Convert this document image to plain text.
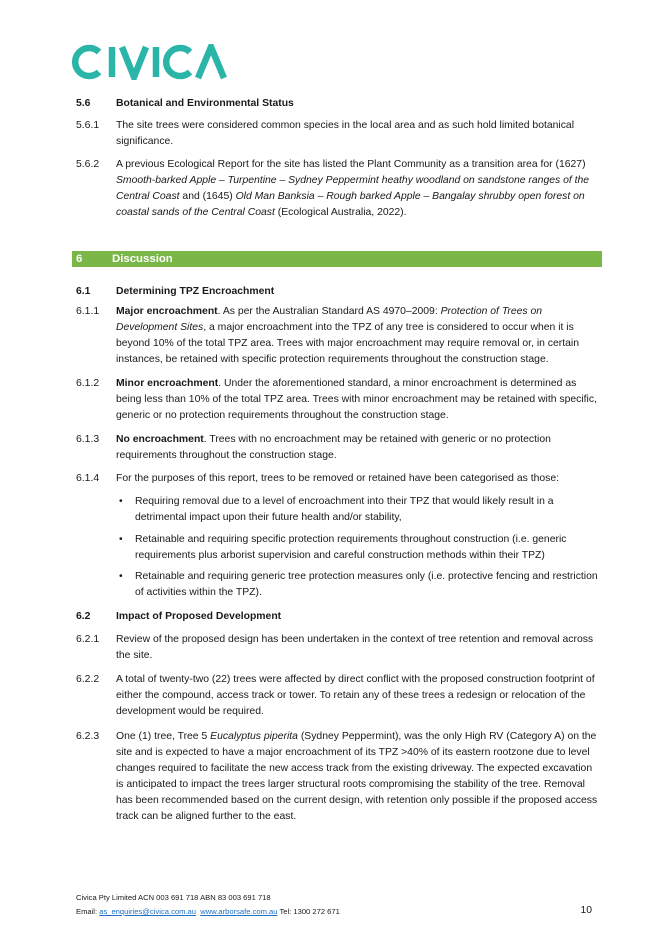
5.6 Botanical and Environmental Status
5.6.1 The site trees were considered common species in the local area and as such hold limited botanical significance.
5.6.2 A previous Ecological Report for the site has listed the Plant Community as a transition area for (1627) Smooth-barked Apple – Turpentine – Sydney Peppermint heathy woodland on sandstone ranges of the Central Coast and (1645) Old Man Banksia – Rough barked Apple – Bangalay shrubby open forest on coastal sands of the Central Coast (Ecological Australia, 2022).
6	Discussion
6.1 Determining TPZ Encroachment
6.1.1 Major encroachment. As per the Australian Standard AS 4970–2009: Protection of Trees on Development Sites, a major encroachment into the TPZ of any tree is considered to occur when it is beyond 10% of the total TPZ area. Trees with major encroachment may require removal or, in certain instances, be retained with specific protection requirements throughout the construction stage.
6.1.2 Minor encroachment. Under the aforementioned standard, a minor encroachment is determined as being less than 10% of the total TPZ area. Trees with minor encroachment may be retained with specific, generic or no protection requirements throughout the construction stage.
6.1.3 No encroachment. Trees with no encroachment may be retained with generic or no protection requirements throughout the construction stage.
6.1.4 For the purposes of this report, trees to be removed or retained have been categorised as those:
• Requiring removal due to a level of encroachment into their TPZ that would likely result in a detrimental impact upon their future health and/or stability,
• Retainable and requiring specific protection requirements throughout construction (i.e. generic requirements plus arborist supervision and careful construction methods within their TPZ)
• Retainable and requiring generic tree protection measures only (i.e. protective fencing and restriction of activities within the TPZ).
6.2 Impact of Proposed Development
6.2.1 Review of the proposed design has been undertaken in the context of tree retention and removal across the site.
6.2.2 A total of twenty-two (22) trees were affected by direct conflict with the proposed construction footprint of either the compound, access track or tower. To retain any of these trees a redesign or relocation of the development would be required.
6.2.3 One (1) tree, Tree 5 Eucalyptus piperita (Sydney Peppermint), was the only High RV (Category A) on the site and is expected to have a major encroachment of its TPZ >40% of its eastern rootzone due to level changes required to facilitate the new access track from the existing driveway. The expected excavation is anticipated to impact the trees larger structural roots compromising the stability of the tree. Removal has been recommended based on the current design, with retention only possible if the proposed access track can be aligned further to the east.
Civica Pty Limited ACN 003 691 718 ABN 83 003 691 718
Email: as_enquiries@civica.com.au www.arborsafe.com.au Tel: 1300 272 671	10
